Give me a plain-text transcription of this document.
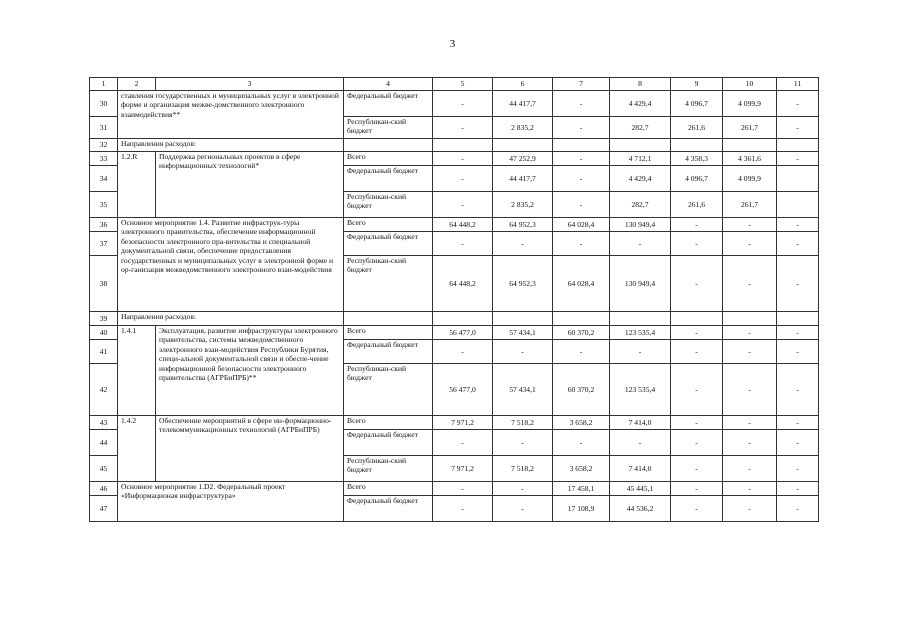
3
1	2	3	4	5	6	7	8	9	10	11
30	ставления государственных и муниципальных услуг в электронной форме и организация межве-домственного электронного взаимодействия**		Федеральный бюджет	-	44 417,7	-	4 429,4	4 096,7	4 099,9	-
31			Республикан-ский бюджет	-	2 835,2	-	282,7	261,6	261,7	-
32	Направления расходов:									
33	1.2.R	Поддержка региональных проектов в сфере информационных технологий*	Всего	-	47 252,9	-	4 712,1	4 358,3	4 361,6	-
34			Федеральный бюджет	-	44 417,7	-	4 429,4	4 096,7	4 099,9	
35			Республикан-ский бюджет	-	2 835,2	-	282,7	261,6	261,7	
36	Основное мероприятие 1.4. Развитие инфраструк-туры электронного правительства, обеспечение информационной безопасности электронного пра-вительства и специальной документальной связи, обеспечение предоставления государственных и муниципальных услуг в электронной форме и ор-ганизация межведомственного электронного взаи-модействия		Всего	64 448,2	64 952,3	64 028,4	130 949,4	-	-	-
37			Федеральный бюджет	-	-	-	-	-	-	-
38			Республикан-ский бюджет	64 448,2	64 952,3	64 028,4	130 949,4	-	-	-
39	Направления расходов:									
40	1.4.1	Эксплуатация, развитие инфраструктуры электронного правительства, системы межведомственного электронного взаи-модействия Республики Бурятия, специ-альной документальной связи и обеспе-чение информационной безопасности электронного правительства (АГРБиПРБ)**	Всего	56 477,0	57 434,1	60 370,2	123 535,4	-	-	-
41			Федеральный бюджет	-	-	-	-	-	-	-
42			Республикан-ский бюджет	56 477,0	57 434,1	60 370,2	123 535,4	-	-	-
43	1.4.2	Обеспечение мероприятий в сфере ин-формационно-телекоммуникационных технологий (АГРБиПРБ)	Всего	7 971,2	7 518,2	3 658,2	7 414,0	-	-	-
44			Федеральный бюджет	-	-	-	-	-	-	-
45			Республикан-ский бюджет	7 971,2	7 518,2	3 658,2	7 414,0	-	-	-
46	Основное мероприятие 1.D2. Федеральный проект «Информационая инфраструктура»		Всего	-	-	17 458,1	45 445,1	-	-	-
47			Федеральный бюджет	-	-	17 108,9	44 536,2	-	-	-
